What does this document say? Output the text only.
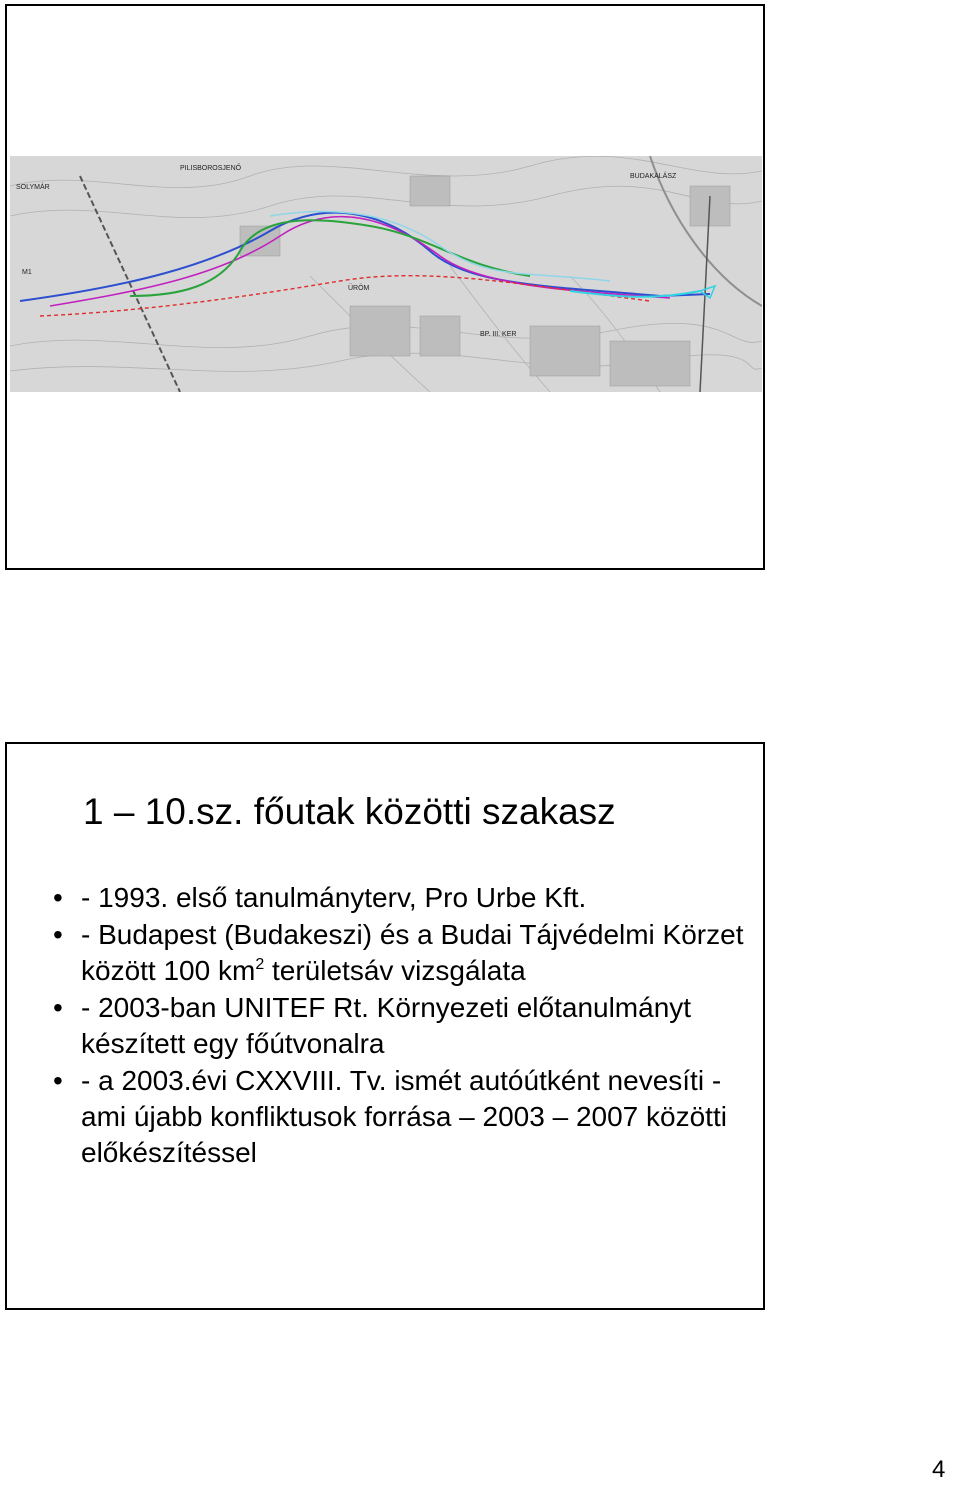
SOLYMÁR
PILISBOROSJENŐ
BUDAKALÁSZ
ÜRÖM
BP. III. KER
M1
1 – 10.sz. főutak közötti szakasz
• - 1993. első tanulmányterv, Pro Urbe Kft.
• - Budapest (Budakeszi) és a Budai Tájvédelmi Körzet között 100 $km^2$ területsáv vizsgálata
• - 2003-ban UNITEF Rt. Környezeti előtanulmányt készített egy főútvonalra
• - a 2003.évi CXXVIII. Tv. ismét autóútként nevesíti - ami újabb konfliktusok forrása – 2003 – 2007 közötti előkészítéssel
4
